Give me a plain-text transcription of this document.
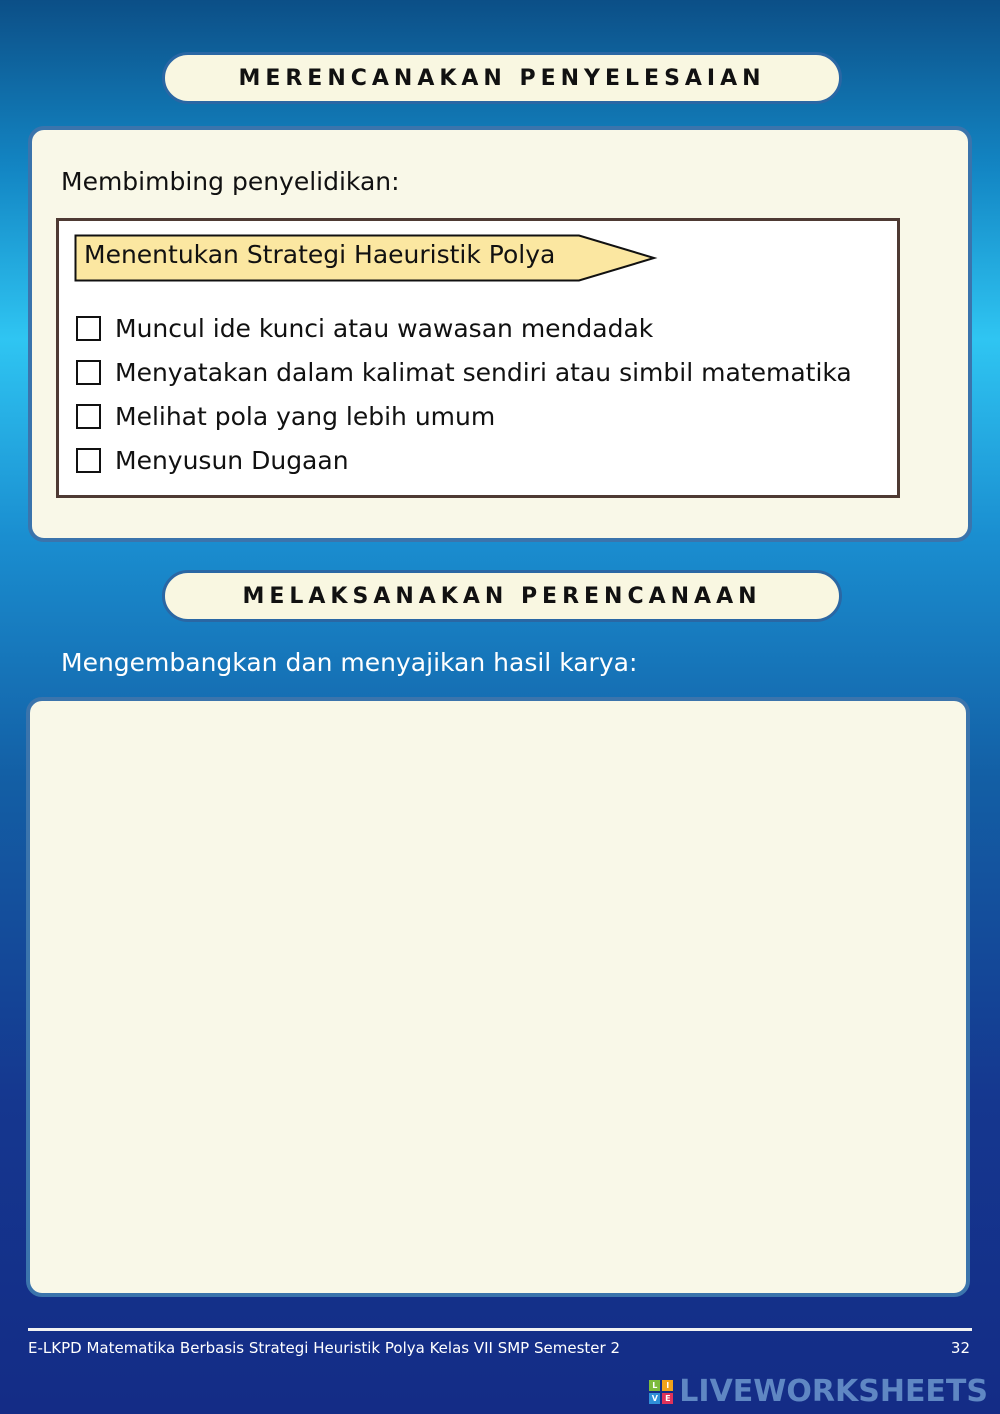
MERENCANAKAN PENYELESAIAN
Membimbing penyelidikan:
Menentukan Strategi Haeuristik Polya
Muncul ide kunci atau wawasan mendadak
Menyatakan dalam kalimat sendiri atau simbil matematika
Melihat pola yang lebih umum
Menyusun Dugaan
MELAKSANAKAN PERENCANAAN
Mengembangkan dan menyajikan hasil karya:
E-LKPD Matematika Berbasis Strategi Heuristik Polya Kelas VII SMP Semester 2	32
L	I
V E LIVEWORKSHEETS
